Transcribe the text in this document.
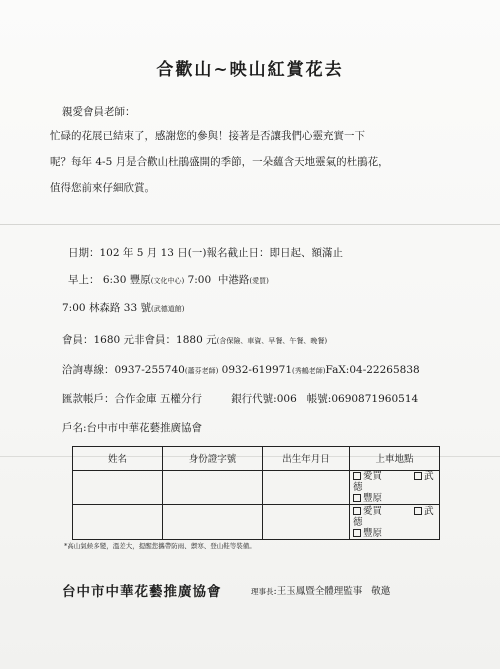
合歡山~映山紅賞花去
親愛會員老師：
忙碌的花展已結束了，感謝您的參與！接著是否讓我們心靈充實一下
呢？每年 4-5 月是合歡山杜鵑盛開的季節，一朵蘊含天地靈氣的杜鵑花，
值得您前來仔細欣賞。
日期：102 年 5 月 13 日(一)報名截止日：即日起、額滿止
早上： 6:30 豐原(文化中心) 7:00 中港路(愛買)
7:00 林森路 33 號(武德道館)
會員：1680 元非會員：1880 元(含保險、車資、早餐、午餐、晚餐)
洽詢專線：0937-255740(蕭芬老師) 0932-619971(秀鶴老師)FaX:04-22265838
匯款帳戶：合作金庫 五權分行	銀行代號:006 帳號:0690871960514
戶名:台中市中華花藝推廣協會
姓名	身份證字號	出生年月日	上車地點
			愛買 武德
豐原
			愛買 武德
豐原
*高山氣候多變，溫差大，提醒您攜帶防雨、禦寒、登山鞋等裝備。
台中市中華花藝推廣協會	理事長:王玉鳳暨全體理監事 敬邀
